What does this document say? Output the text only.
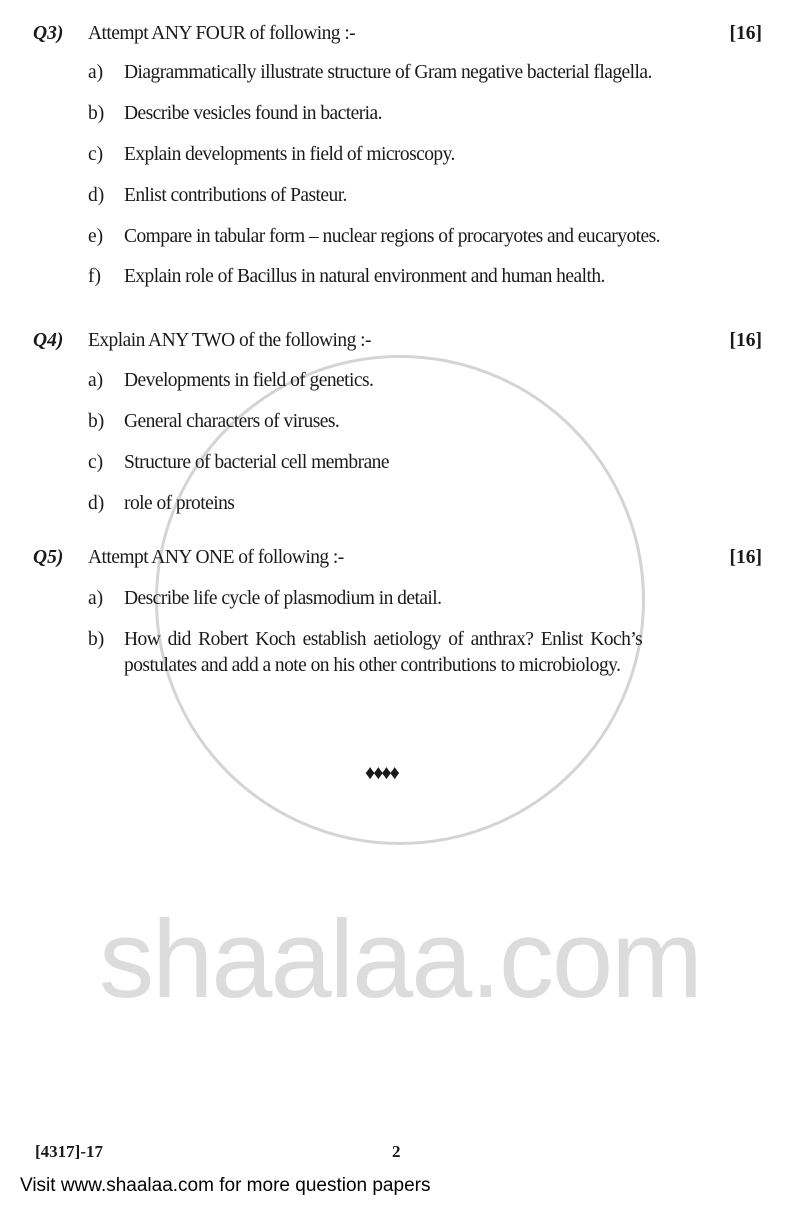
shaalaa.com
Q3) Attempt ANY FOUR of following :-	[16]
a) Diagrammatically illustrate structure of Gram negative bacterial flagella.
b) Describe vesicles found in bacteria.
c) Explain developments in field of microscopy.
d) Enlist contributions of Pasteur.
e) Compare in tabular form – nuclear regions of procaryotes and eucaryotes.
f) Explain role of Bacillus in natural environment and human health.
Q4) Explain ANY TWO of the following :-	[16]
a) Developments in field of genetics.
b) General characters of viruses.
c) Structure of bacterial cell membrane
d) role of proteins
Q5) Attempt ANY ONE of following :-	[16]
a) Describe life cycle of plasmodium in detail.
b) How did Robert Koch establish aetiology of anthrax? Enlist Koch’s
postulates and add a note on his other contributions to microbiology.
♦♦♦♦
[4317]-17	2
Visit www.shaalaa.com for more question papers
